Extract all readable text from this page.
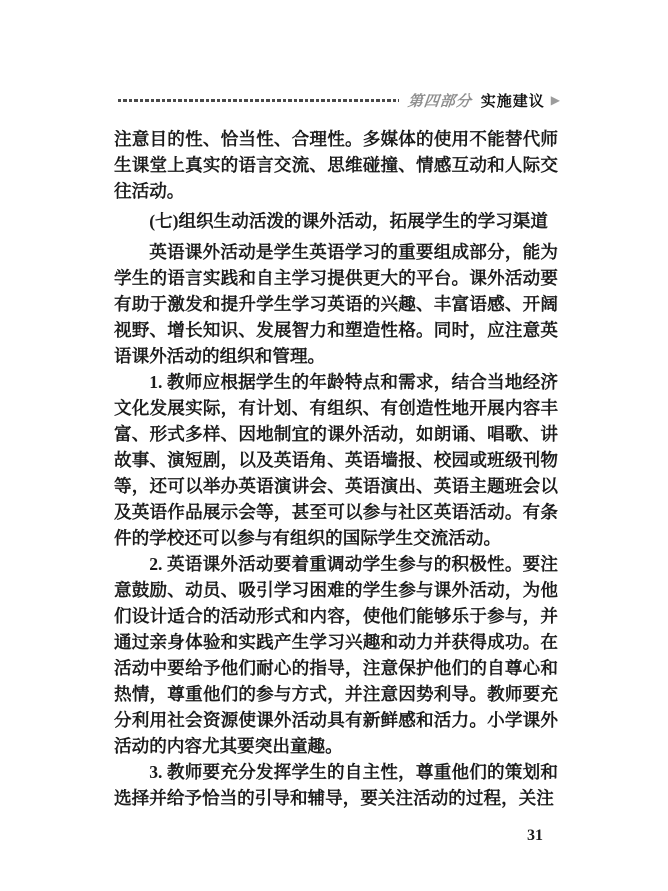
第四部分 实施建议 ▶

注意目的性、恰当性、合理性。多媒体的使用不能替代师生课堂上真实的语言交流、思维碰撞、情感互动和人际交往活动。

(七)组织生动活泼的课外活动，拓展学生的学习渠道

英语课外活动是学生英语学习的重要组成部分，能为学生的语言实践和自主学习提供更大的平台。课外活动要有助于激发和提升学生学习英语的兴趣、丰富语感、开阔视野、增长知识、发展智力和塑造性格。同时，应注意英语课外活动的组织和管理。

1. 教师应根据学生的年龄特点和需求，结合当地经济文化发展实际，有计划、有组织、有创造性地开展内容丰富、形式多样、因地制宜的课外活动，如朗诵、唱歌、讲故事、演短剧，以及英语角、英语墙报、校园或班级刊物等，还可以举办英语演讲会、英语演出、英语主题班会以及英语作品展示会等，甚至可以参与社区英语活动。有条件的学校还可以参与有组织的国际学生交流活动。

2. 英语课外活动要着重调动学生参与的积极性。要注意鼓励、动员、吸引学习困难的学生参与课外活动，为他们设计适合的活动形式和内容，使他们能够乐于参与，并通过亲身体验和实践产生学习兴趣和动力并获得成功。在活动中要给予他们耐心的指导，注意保护他们的自尊心和热情，尊重他们的参与方式，并注意因势利导。教师要充分利用社会资源使课外活动具有新鲜感和活力。小学课外活动的内容尤其要突出童趣。

3. 教师要充分发挥学生的自主性，尊重他们的策划和选择并给予恰当的引导和辅导，要关注活动的过程，关注

31
